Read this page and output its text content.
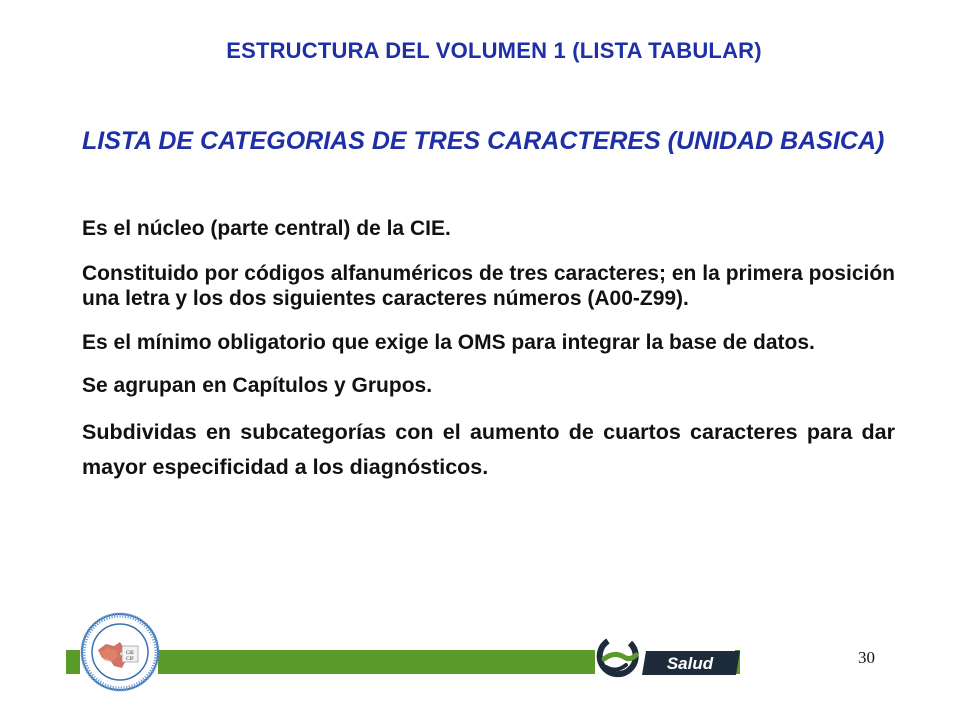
ESTRUCTURA DEL VOLUMEN 1 (LISTA TABULAR)
LISTA DE CATEGORIAS DE TRES CARACTERES (UNIDAD BASICA)

Es el núcleo (parte central) de la CIE.

Constituido por códigos alfanuméricos de tres caracteres; en la primera posición una letra y los dos siguientes caracteres números (A00-Z99).

Es el mínimo obligatorio que exige la OMS para integrar la base de datos.

Se agrupan en Capítulos y Grupos.

Subdividas en subcategorías con el aumento de cuartos caracteres para dar mayor especificidad a los diagnósticos.

CIE
CIF	Salud	30
